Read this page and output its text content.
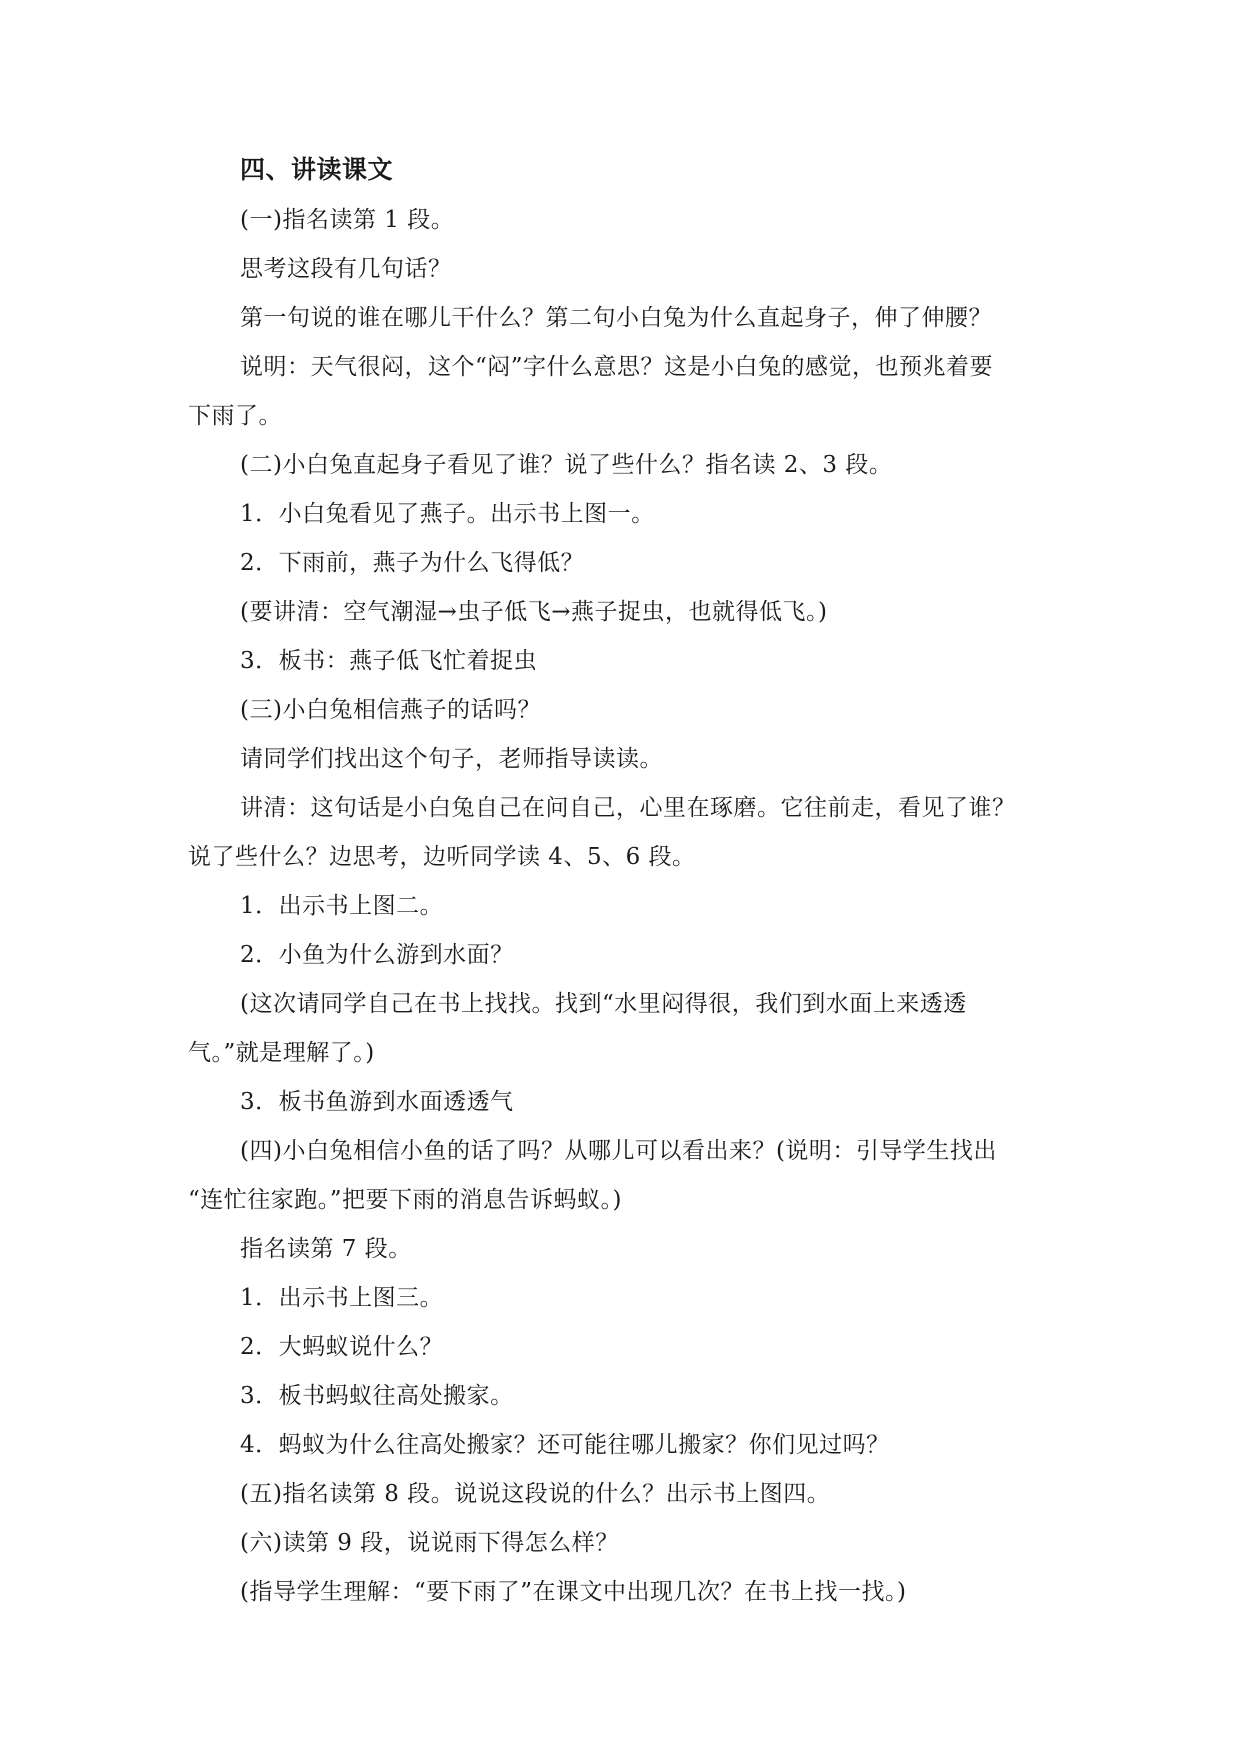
四、讲读课文
(一)指名读第 1 段。
思考这段有几句话？
第一句说的谁在哪儿干什么？第二句小白兔为什么直起身子，伸了伸腰？
说明：天气很闷，这个“闷”字什么意思？这是小白兔的感觉，也预兆着要
下雨了。
(二)小白兔直起身子看见了谁？说了些什么？指名读 2、3 段。
1．小白兔看见了燕子。出示书上图一。
2．下雨前，燕子为什么飞得低？
(要讲清：空气潮湿→虫子低飞→燕子捉虫，也就得低飞。)
3．板书：燕子低飞忙着捉虫
(三)小白兔相信燕子的话吗？
请同学们找出这个句子，老师指导读读。
讲清：这句话是小白兔自己在问自己，心里在琢磨。它往前走，看见了谁？
说了些什么？边思考，边听同学读 4、5、6 段。
1．出示书上图二。
2．小鱼为什么游到水面？
(这次请同学自己在书上找找。找到“水里闷得很，我们到水面上来透透
气。”就是理解了。)
3．板书鱼游到水面透透气
(四)小白兔相信小鱼的话了吗？从哪儿可以看出来？(说明：引导学生找出
“连忙往家跑。”把要下雨的消息告诉蚂蚁。)
指名读第 7 段。
1．出示书上图三。
2．大蚂蚁说什么？
3．板书蚂蚁往高处搬家。
4．蚂蚁为什么往高处搬家？还可能往哪儿搬家？你们见过吗？
(五)指名读第 8 段。说说这段说的什么？出示书上图四。
(六)读第 9 段，说说雨下得怎么样？
(指导学生理解：“要下雨了”在课文中出现几次？在书上找一找。)
